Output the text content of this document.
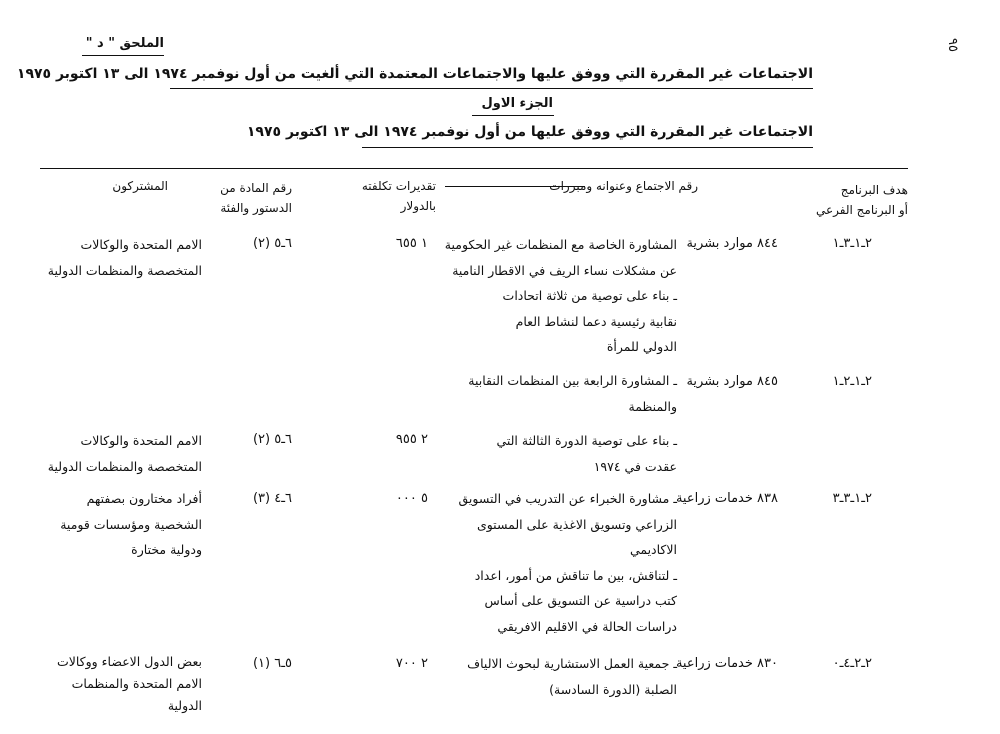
٩٥
الملحق " د "
الاجتماعات غير المقررة التي ووفق عليها والاجتماعات المعتمدة التي ألغيت من أول نوفمبر ١٩٧٤ الى ١٣ اكتوبر ١٩٧٥
الجزء الاول
الاجتماعات غير المقررة التي ووفق عليها من أول نوفمبر ١٩٧٤ الى ١٣ اكتوبر ١٩٧٥
هدف البرنامج
أو البرنامج الفرعي
رقم الاجتماع وعنوانه ومبررات
تقديرات تكلفته
بالدولار
رقم المادة من
الدستور والفئة
المشتركون
٢ـ١ـ٣ـ١
٨٤٤ موارد بشرية
المشاورة الخاصة مع المنظمات غير الحكومية
عن مشكلات نساء الريف في الاقطار النامية
ـ بناء على توصية من ثلاثة اتحادات
نقابية رئيسية دعما لنشاط العام
الدولي للمرأة
١ ٦٥٥
٦ـ٥ (٢)
الامم المتحدة والوكالات
المتخصصة والمنظمات الدولية
٢ـ١ـ٢ـ١
٨٤٥ موارد بشرية
ـ المشاورة الرابعة بين المنظمات النقابية
والمنظمة
ـ بناء على توصية الدورة الثالثة التي
عقدت في ١٩٧٤
٢ ٩٥٥
٦ـ٥ (٢)
الامم المتحدة والوكالات
المتخصصة والمنظمات الدولية
٢ـ١ـ٣ـ٣
٨٣٨ خدمات زراعية
ـ مشاورة الخبراء عن التدريب في التسويق
الزراعي وتسويق الاغذية على المستوى
الاكاديمي
ـ لتناقش، بين ما تناقش من أمور، اعداد
كتب دراسية عن التسويق على أساس
دراسات الحالة في الاقليم الافريقي
٥ ٠٠٠
٦ـ٤ (٣)
أفراد مختارون بصفتهم
الشخصية ومؤسسات قومية
ودولية مختارة
٢ـ٢ـ٤ـ٠
٨٣٠ خدمات زراعية
ـ جمعية العمل الاستشارية لبحوث الالياف
الصلبة (الدورة السادسة)
٢ ٧٠٠
٥ـ٦ (١)
بعض الدول الاعضاء ووكالات
الامم المتحدة والمنظمات
الدولية
